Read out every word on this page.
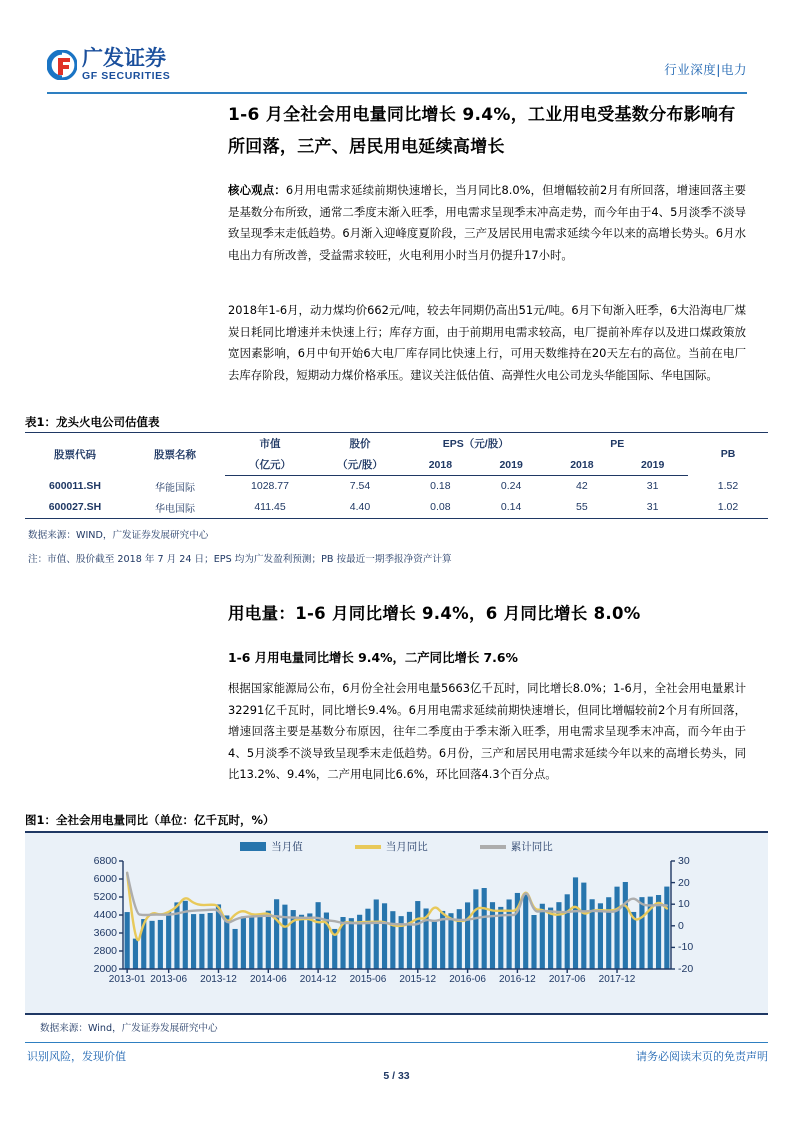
广发证券
GF SECURITIES	行业深度|电力
1-6 月全社会用电量同比增长 9.4%，工业用电受基数分布影响有所回落，三产、居民用电延续高增长
核心观点：6月用电需求延续前期快速增长，当月同比8.0%，但增幅较前2月有所回落，增速回落主要是基数分布所致，通常二季度末渐入旺季，用电需求呈现季末冲高走势，而今年由于4、5月淡季不淡导致呈现季末走低趋势。6月渐入迎峰度夏阶段，三产及居民用电需求延续今年以来的高增长势头。6月水电出力有所改善，受益需求较旺，火电利用小时当月仍提升17小时。
2018年1-6月，动力煤均价662元/吨，较去年同期仍高出51元/吨。6月下旬渐入旺季，6大沿海电厂煤炭日耗同比增速并未快速上行；库存方面，由于前期用电需求较高，电厂提前补库存以及进口煤政策放宽因素影响，6月中旬开始6大电厂库存同比快速上行，可用天数维持在20天左右的高位。当前在电厂去库存阶段，短期动力煤价格承压。建议关注低估值、高弹性火电公司龙头华能国际、华电国际。
表1：龙头火电公司估值表
股票代码	股票名称	市值	股价	EPS（元/股）		PE		PB
		（亿元）	（元/股）	2018	2019	2018	2019	
600011.SH	华能国际	1028.77	7.54	0.18	0.24	42	31	1.52
600027.SH	华电国际	411.45	4.40	0.08	0.14	55	31	1.02
数据来源：WIND，广发证券发展研究中心
注：市值、股价截至 2018 年 7 月 24 日；EPS 均为广发盈利预测；PB 按最近一期季报净资产计算
用电量：1-6 月同比增长 9.4%，6 月同比增长 8.0%
1-6 月用电量同比增长 9.4%，二产同比增长 7.6%
根据国家能源局公布，6月份全社会用电量5663亿千瓦时，同比增长8.0%；1-6月，全社会用电量累计32291亿千瓦时，同比增长9.4%。6月用电需求延续前期快速增长，但同比增幅较前2个月有所回落，增速回落主要是基数分布原因，往年二季度由于季末渐入旺季，用电需求呈现季末冲高，而今年由于4、5月淡季不淡导致呈现季末走低趋势。6月份，三产和居民用电需求延续今年以来的高增长势头，同比13.2%、9.4%，二产用电同比6.6%，环比回落4.3个百分点。
图1：全社会用电量同比（单位：亿千瓦时，%）
当月值	当月同比	累计同比
2000
2800
3600
4400
5200
6000
6800
-20
-10
0
10
20
30
2013-01 2013-06 2013-12 2014-06 2014-12 2015-06 2015-12 2016-06 2016-12 2017-06 2017-12
数据来源：Wind，广发证券发展研究中心
识别风险，发现价值	请务必阅读末页的免责声明
5 / 33
